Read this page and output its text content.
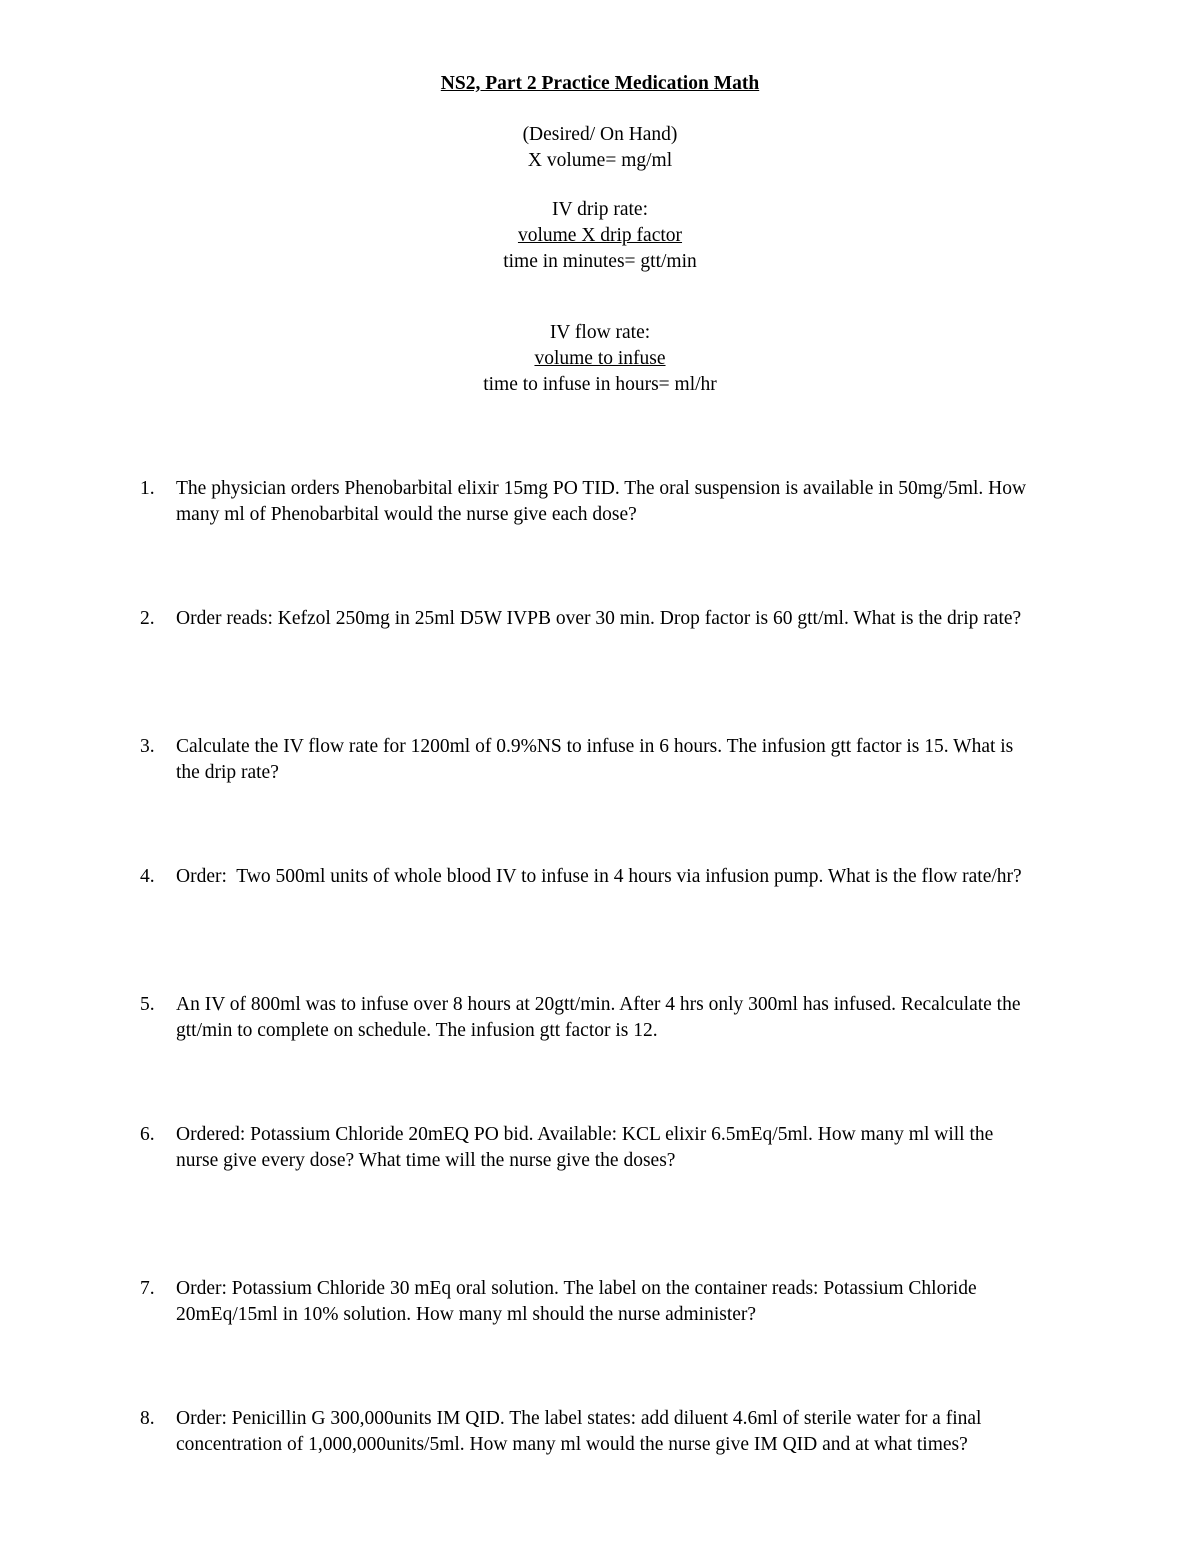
NS2, Part 2 Practice Medication Math
(Desired/ On Hand)
X volume= mg/ml
IV drip rate:
volume X drip factor
time in minutes= gtt/min
IV flow rate:
volume to infuse
time to infuse in hours= ml/hr
1.	The physician orders Phenobarbital elixir 15mg PO TID. The oral suspension is available in 50mg/5ml. How
many ml of Phenobarbital would the nurse give each dose?
2.	Order reads: Kefzol 250mg in 25ml D5W IVPB over 30 min. Drop factor is 60 gtt/ml. What is the drip rate?
3.	Calculate the IV flow rate for 1200ml of 0.9%NS to infuse in 6 hours. The infusion gtt factor is 15. What is
the drip rate?
4.	Order:  Two 500ml units of whole blood IV to infuse in 4 hours via infusion pump. What is the flow rate/hr?
5.	An IV of 800ml was to infuse over 8 hours at 20gtt/min. After 4 hrs only 300ml has infused. Recalculate the
gtt/min to complete on schedule. The infusion gtt factor is 12.
6.	Ordered: Potassium Chloride 20mEQ PO bid. Available: KCL elixir 6.5mEq/5ml. How many ml will the
nurse give every dose? What time will the nurse give the doses?
7.	Order: Potassium Chloride 30 mEq oral solution. The label on the container reads: Potassium Chloride
20mEq/15ml in 10% solution. How many ml should the nurse administer?
8.	Order: Penicillin G 300,000units IM QID. The label states: add diluent 4.6ml of sterile water for a final
concentration of 1,000,000units/5ml. How many ml would the nurse give IM QID and at what times?
